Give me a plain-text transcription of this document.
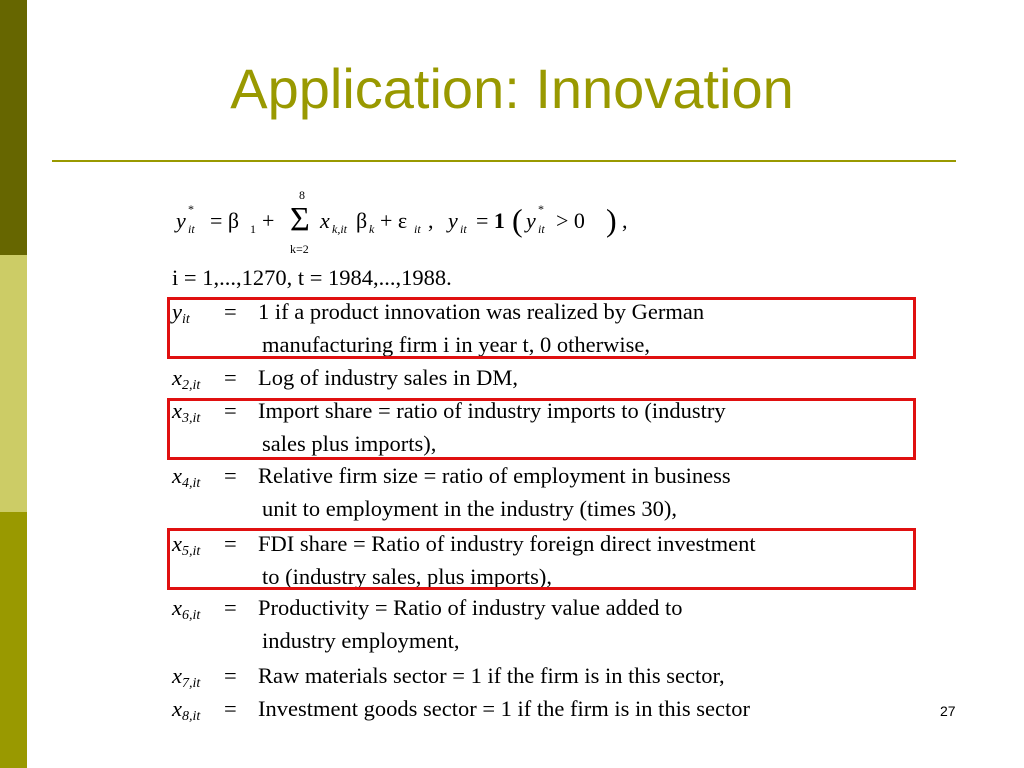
Application: Innovation
y *
it = β 1 +
8
Σ
k=2
x k,it β k + ε it , y it = 1 ( y *
it > 0 ) ,
i = 1,...,1270, t = 1984,...,1988.
$y_{it} = 1$ if a product innovation was realized by German
manufacturing firm i in year t, 0 otherwise,
$x_{2,it}$ = Log of industry sales in DM,
$x_{3,it}$ = Import share = ratio of industry imports to (industry
sales plus imports),
$x_{4,it}$ = Relative firm size = ratio of employment in business
unit to employment in the industry (times 30),
$x_{5,it}$ = FDI share = Ratio of industry foreign direct investment
to (industry sales, plus imports),
$x_{6,it}$ = Productivity = Ratio of industry value added to
industry employment,
$x_{7,it}$ = Raw materials sector = 1 if the firm is in this sector,
$x_{8,it}$ = Investment goods sector = 1 if the firm is in this sector	27
